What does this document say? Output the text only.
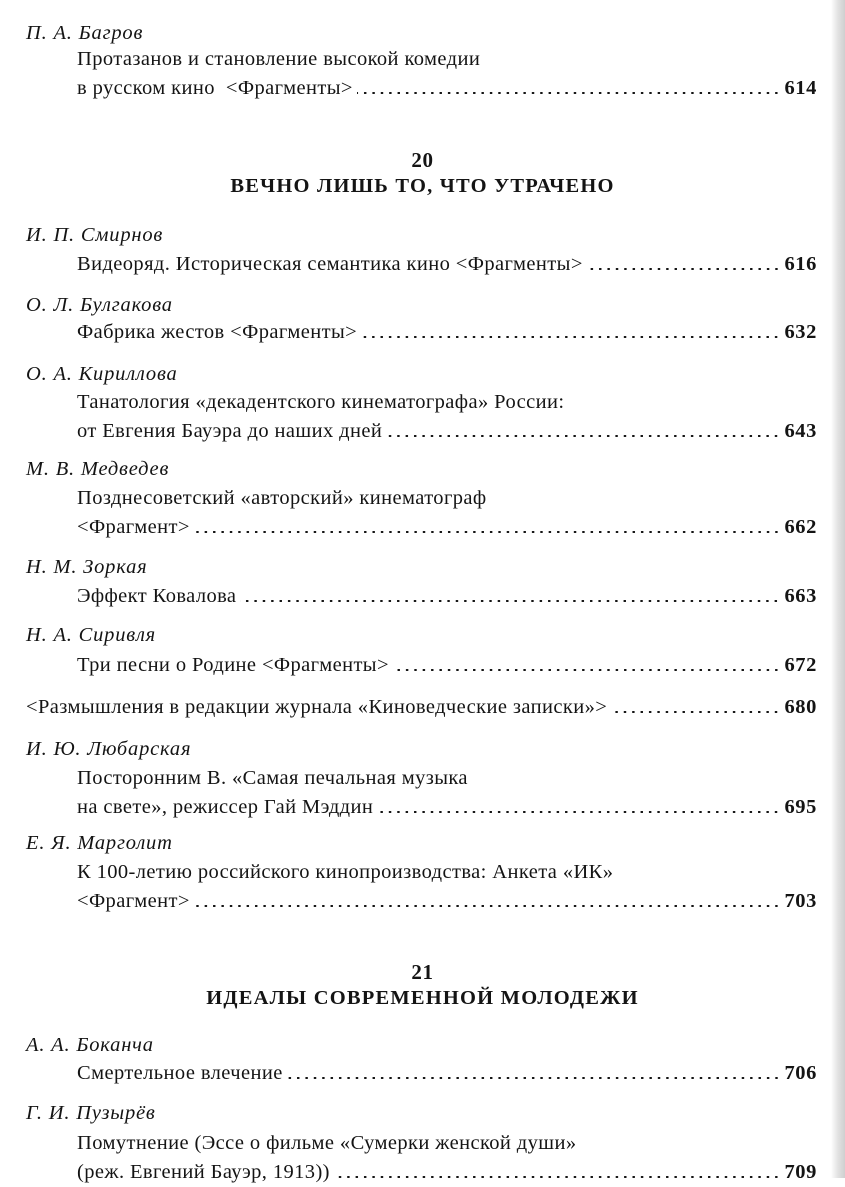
П. А. Багров
Протазанов и становление высокой комедии
в русском кино  <Фрагменты>	614
20
ВЕЧНО ЛИШЬ ТО, ЧТО УТРАЧЕНО
И. П. Смирнов
Видеоряд. Историческая семантика кино <Фрагменты>	616
О. Л. Булгакова
Фабрика жестов <Фрагменты>	632
О. А. Кириллова
Танатология «декадентского кинематографа» России:
от Евгения Бауэра до наших дней	643
М. В. Медведев
Позднесоветский «авторский» кинематограф
<Фрагмент>	662
Н. М. Зоркая
Эффект Ковалова	663
Н. А. Сиривля
Три песни о Родине <Фрагменты>	672
<Размышления в редакции журнала «Киноведческие записки»>	680
И. Ю. Любарская
Посторонним В. «Самая печальная музыка
на свете», режиссер Гай Мэддин	695
Е. Я. Марголит
К 100-летию российского кинопроизводства: Анкета «ИК»
<Фрагмент>	703
21
ИДЕАЛЫ СОВРЕМЕННОЙ МОЛОДЕЖИ
А. А. Боканча
Смертельное влечение	706
Г. И. Пузырёв
Помутнение (Эссе о фильме «Сумерки женской души»
(реж. Евгений Бауэр, 1913))	709
